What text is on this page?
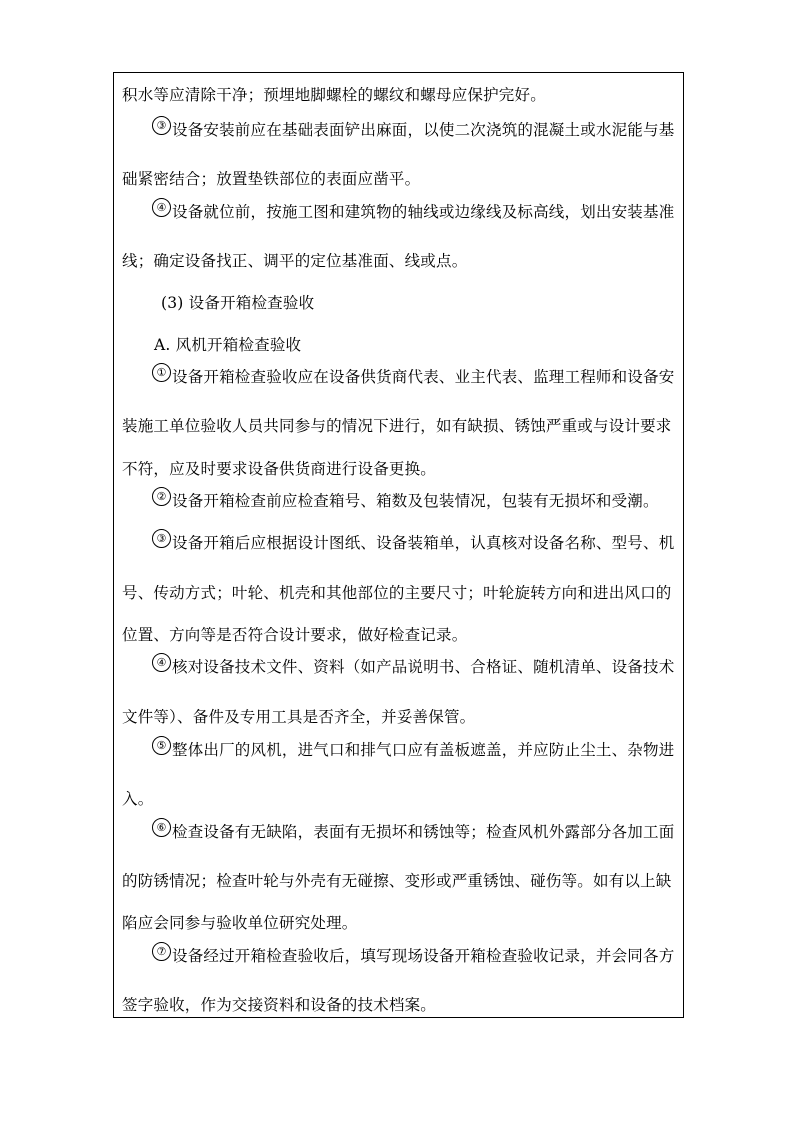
积水等应清除干净；预埋地脚螺栓的螺纹和螺母应保护完好。
③ 设备安装前应在基础表面铲出麻面，以使二次浇筑的混凝土或水泥能与基
础紧密结合；放置垫铁部位的表面应凿平。
④ 设备就位前，按施工图和建筑物的轴线或边缘线及标高线，划出安装基准
线；确定设备找正、调平的定位基准面、线或点。
(3) 设备开箱检查验收
A. 风机开箱检查验收
① 设备开箱检查验收应在设备供货商代表、业主代表、监理工程师和设备安
装施工单位验收人员共同参与的情况下进行，如有缺损、锈蚀严重或与设计要求
不符，应及时要求设备供货商进行设备更换。
② 设备开箱检查前应检查箱号、箱数及包装情况，包装有无损坏和受潮。
③ 设备开箱后应根据设计图纸、设备装箱单，认真核对设备名称、型号、机
号、传动方式；叶轮、机壳和其他部位的主要尺寸；叶轮旋转方向和进出风口的
位置、方向等是否符合设计要求，做好检查记录。
④ 核对设备技术文件、资料（如产品说明书、合格证、随机清单、设备技术
文件等）、备件及专用工具是否齐全，并妥善保管。
⑤ 整体出厂的风机，进气口和排气口应有盖板遮盖，并应防止尘土、杂物进
入。
⑥ 检查设备有无缺陷，表面有无损坏和锈蚀等；检查风机外露部分各加工面
的防锈情况；检查叶轮与外壳有无碰擦、变形或严重锈蚀、碰伤等。如有以上缺
陷应会同参与验收单位研究处理。
⑦ 设备经过开箱检查验收后，填写现场设备开箱检查验收记录，并会同各方
签字验收，作为交接资料和设备的技术档案。
